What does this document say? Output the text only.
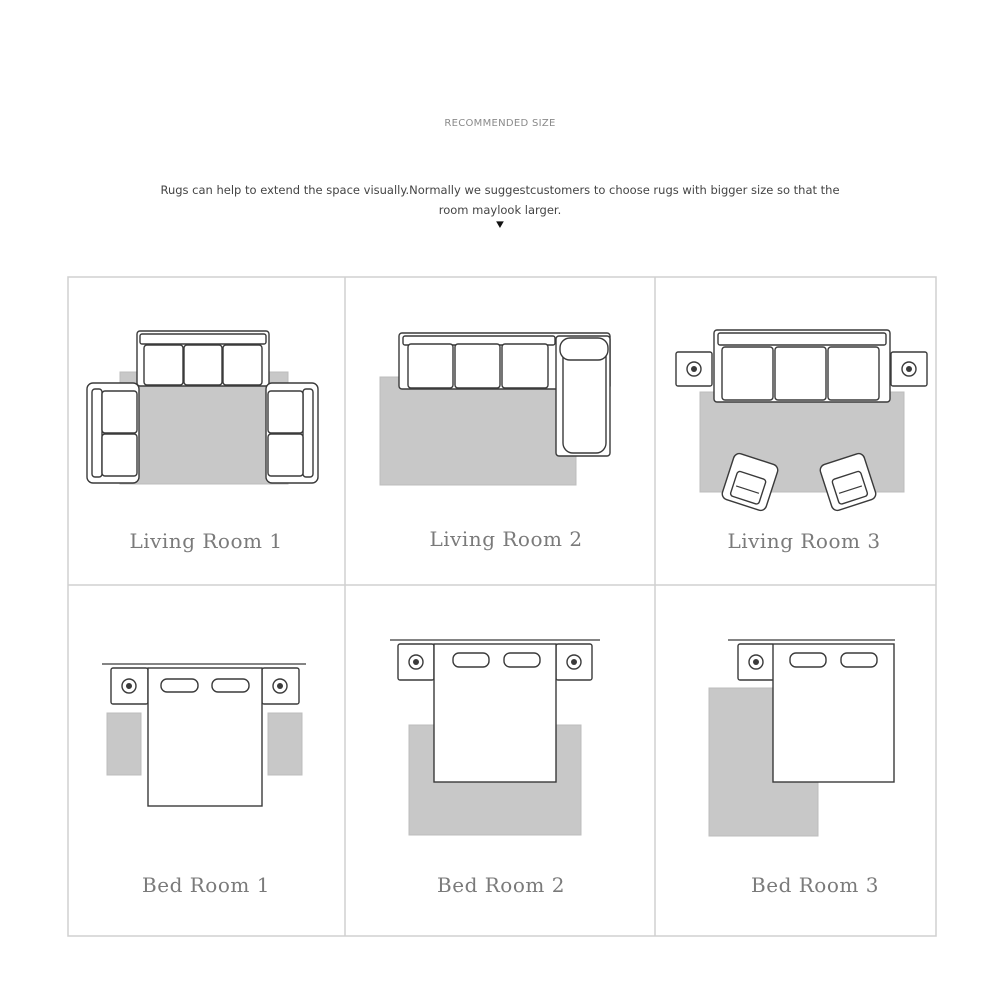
RECOMMENDED SIZE
Rugs can help to extend the space visually.Normally we suggestcustomers to choose rugs with bigger size so that the room maylook larger.
⯆
Living Room 1	Living Room 2	Living Room 3
Bed Room 1	Bed Room 2	Bed Room 3
